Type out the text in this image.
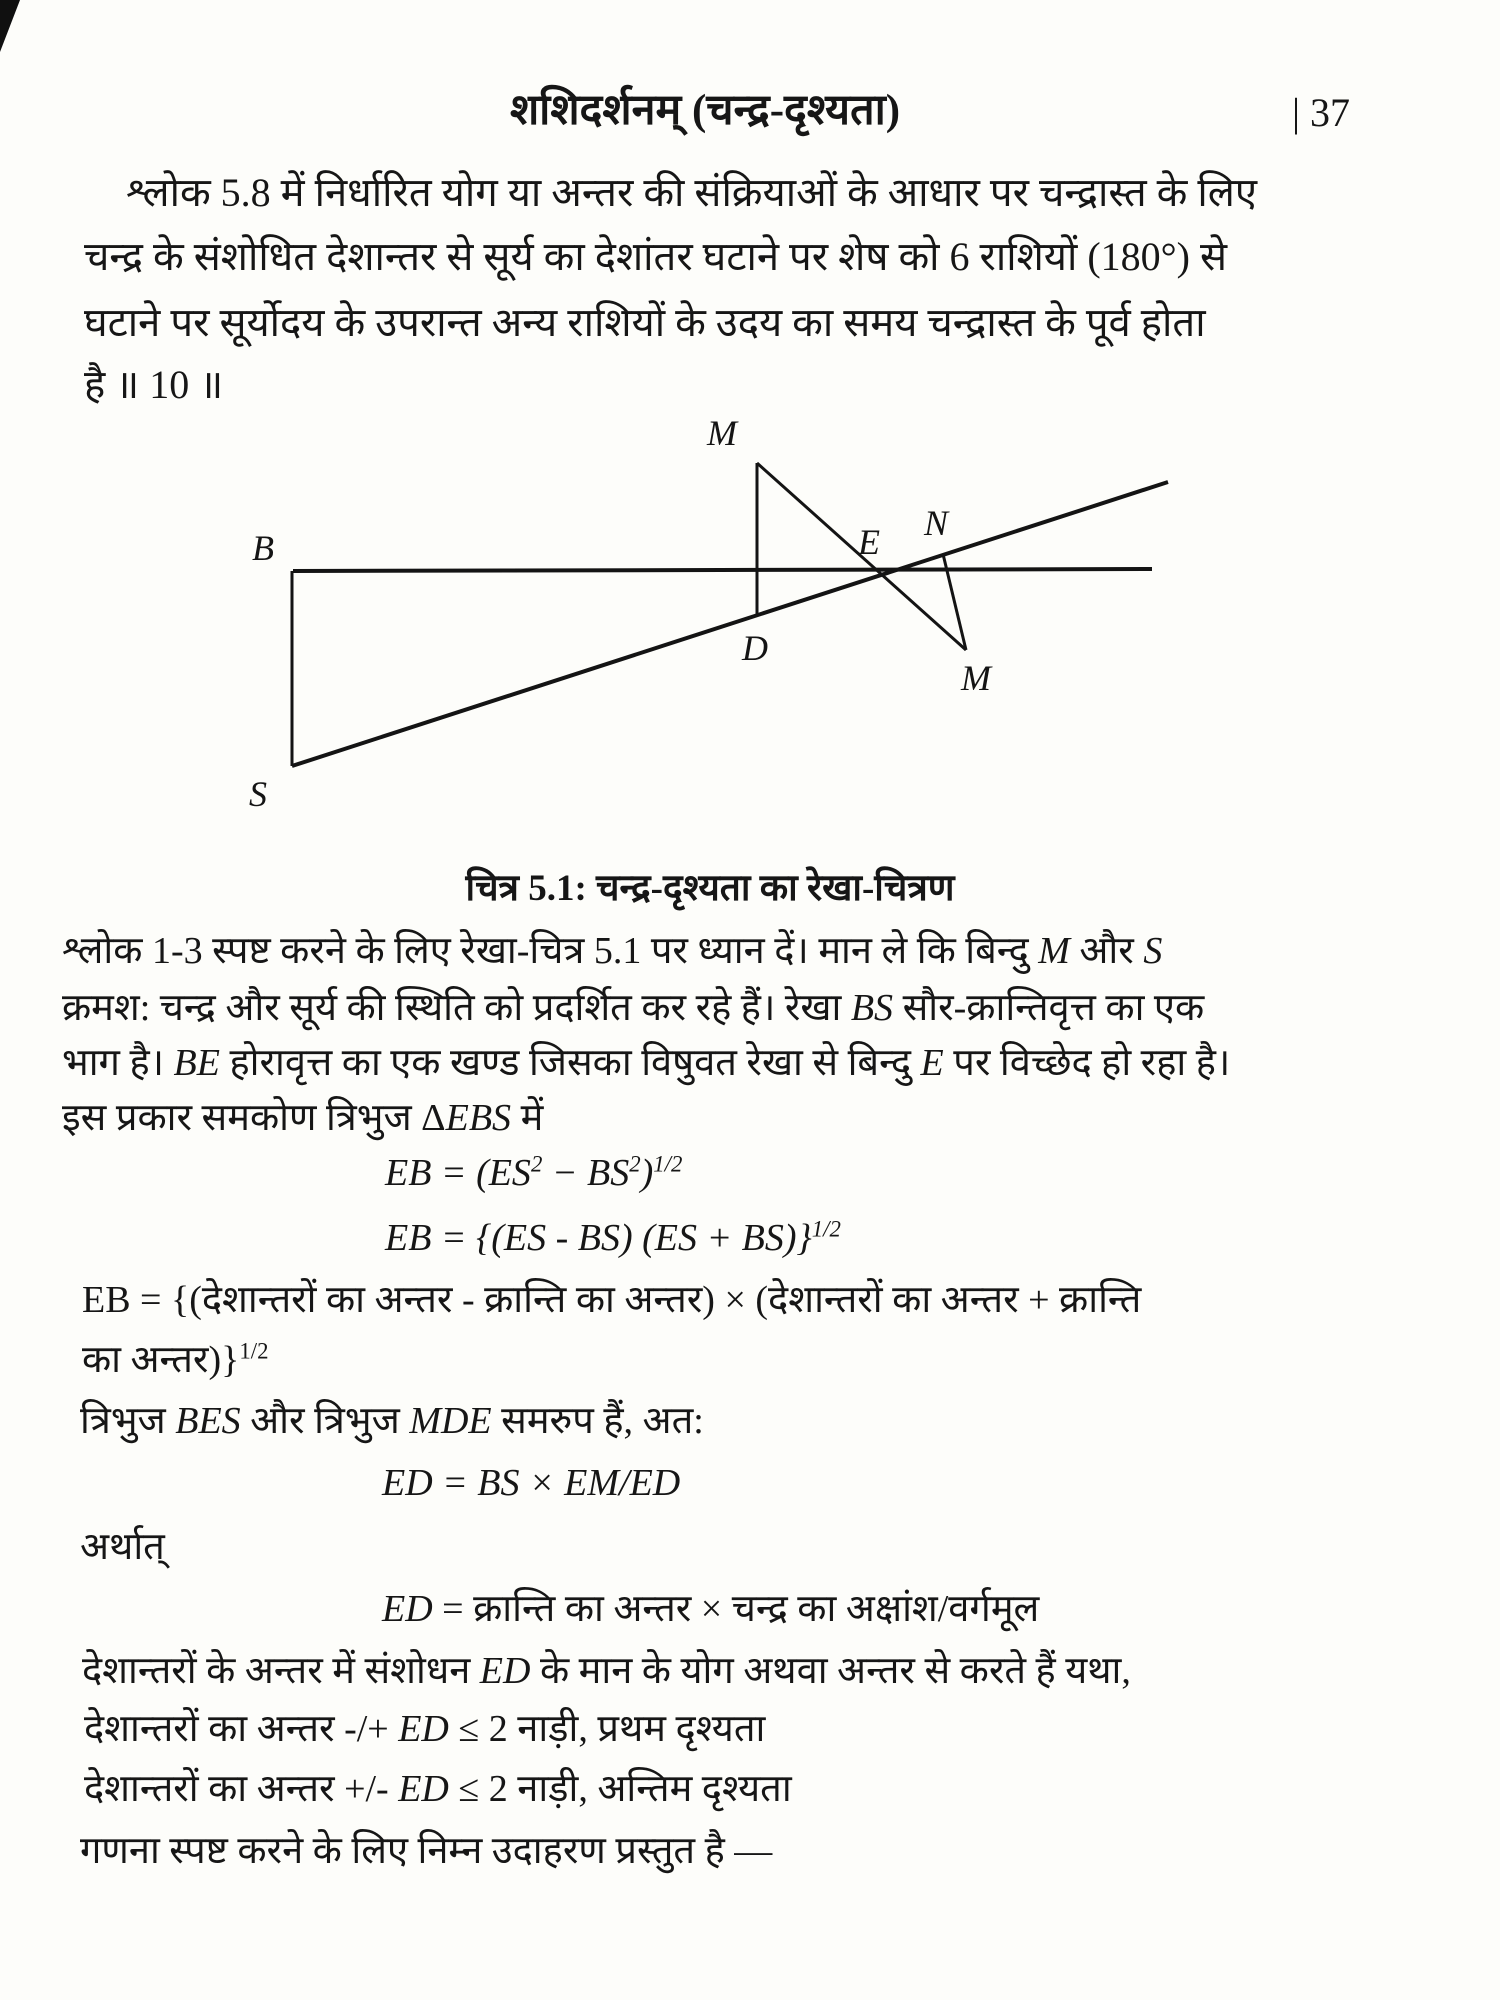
शशिदर्शनम् (चन्द्र-दृश्यता)	| 37
श्लोक 5.8 में निर्धारित योग या अन्तर की संक्रियाओं के आधार पर चन्द्रास्त के लिए
चन्द्र के संशोधित देशान्तर से सूर्य का देशांतर घटाने पर शेष को 6 राशियों (180°) से
घटाने पर सूर्योदय के उपरान्त अन्य राशियों के उदय का समय चन्द्रास्त के पूर्व होता
है ॥ 10 ॥
M
B
S
D
E N
M
चित्र 5.1: चन्द्र-दृश्यता का रेखा-चित्रण
श्लोक 1-3 स्पष्ट करने के लिए रेखा-चित्र 5.1 पर ध्यान दें। मान ले कि बिन्दु M और S
क्रमश: चन्द्र और सूर्य की स्थिति को प्रदर्शित कर रहे हैं। रेखा BS सौर-क्रान्तिवृत्त का एक
भाग है। BE होरावृत्त का एक खण्ड जिसका विषुवत रेखा से बिन्दु E पर विच्छेद हो रहा है।
इस प्रकार समकोण त्रिभुज ΔEBS में
EB = $(ES^2 - BS^2)^{1/2}$
EB = {(ES - BS) (ES + BS)}$^{1/2}$
EB = {(देशान्तरों का अन्तर - क्रान्ति का अन्तर) × (देशान्तरों का अन्तर + क्रान्ति
का अन्तर)}$^{1/2}$
त्रिभुज BES और त्रिभुज MDE समरुप हैं, अत:
ED = BS × EM/ED
अर्थात्
ED = क्रान्ति का अन्तर × चन्द्र का अक्षांश/वर्गमूल
देशान्तरों के अन्तर में संशोधन ED के मान के योग अथवा अन्तर से करते हैं यथा,
देशान्तरों का अन्तर -/+ ED ≤ 2 नाड़ी, प्रथम दृश्यता
देशान्तरों का अन्तर +/- ED ≤ 2 नाड़ी, अन्तिम दृश्यता
गणना स्पष्ट करने के लिए निम्न उदाहरण प्रस्तुत है —
